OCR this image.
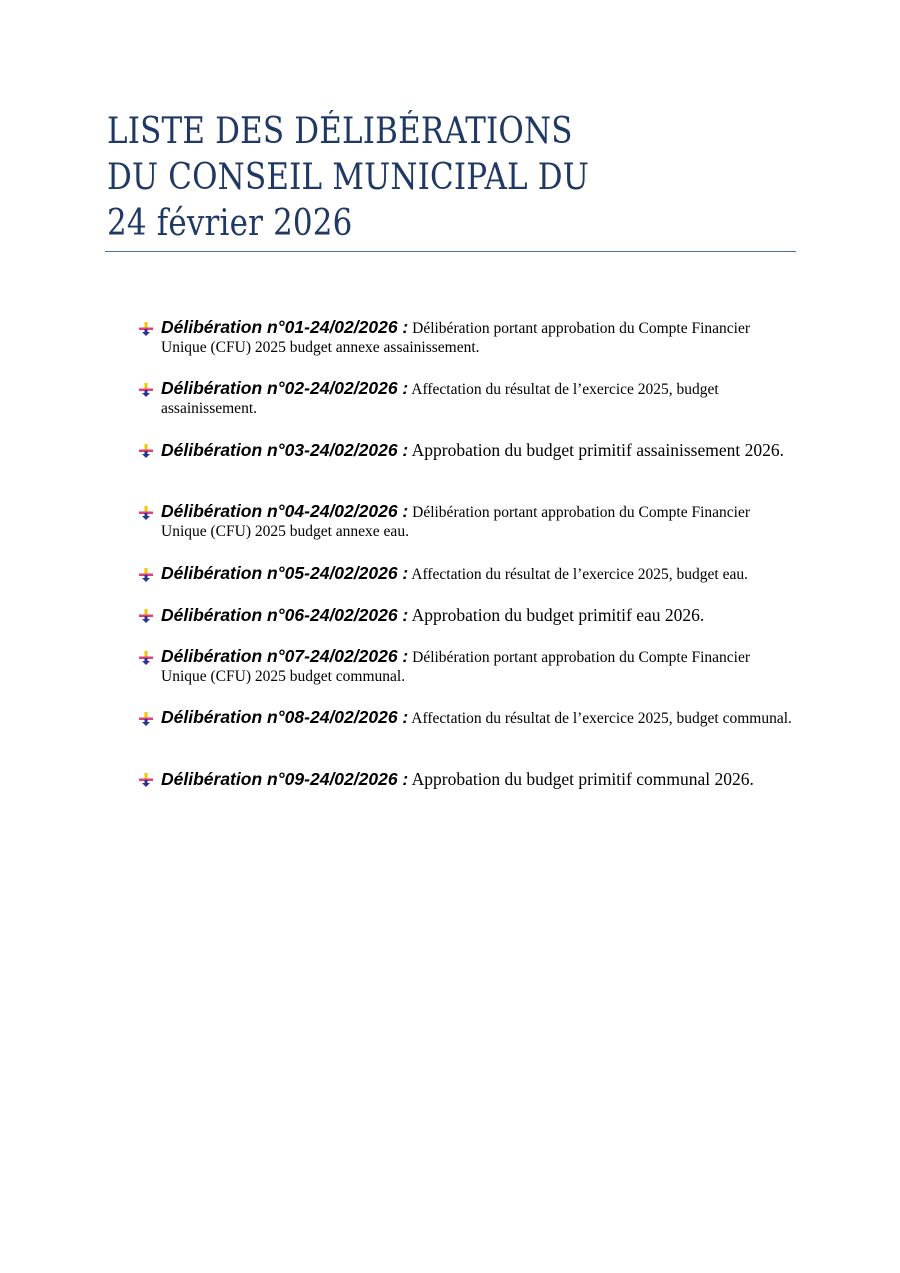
LISTE DES DÉLIBÉRATIONS
DU CONSEIL MUNICIPAL DU
24 février 2026
Délibération n°01-24/02/2026 : Délibération portant approbation du Compte Financier Unique (CFU) 2025 budget annexe assainissement.
Délibération n°02-24/02/2026 : Affectation du résultat de l’exercice 2025, budget assainissement.
Délibération n°03-24/02/2026 : Approbation du budget primitif assainissement 2026.
Délibération n°04-24/02/2026 : Délibération portant approbation du Compte Financier Unique (CFU) 2025 budget annexe eau.
Délibération n°05-24/02/2026 : Affectation du résultat de l’exercice 2025, budget eau.
Délibération n°06-24/02/2026 : Approbation du budget primitif eau 2026.
Délibération n°07-24/02/2026 : Délibération portant approbation du Compte Financier Unique (CFU) 2025 budget communal.
Délibération n°08-24/02/2026 : Affectation du résultat de l’exercice 2025, budget communal.
Délibération n°09-24/02/2026 : Approbation du budget primitif communal 2026.
